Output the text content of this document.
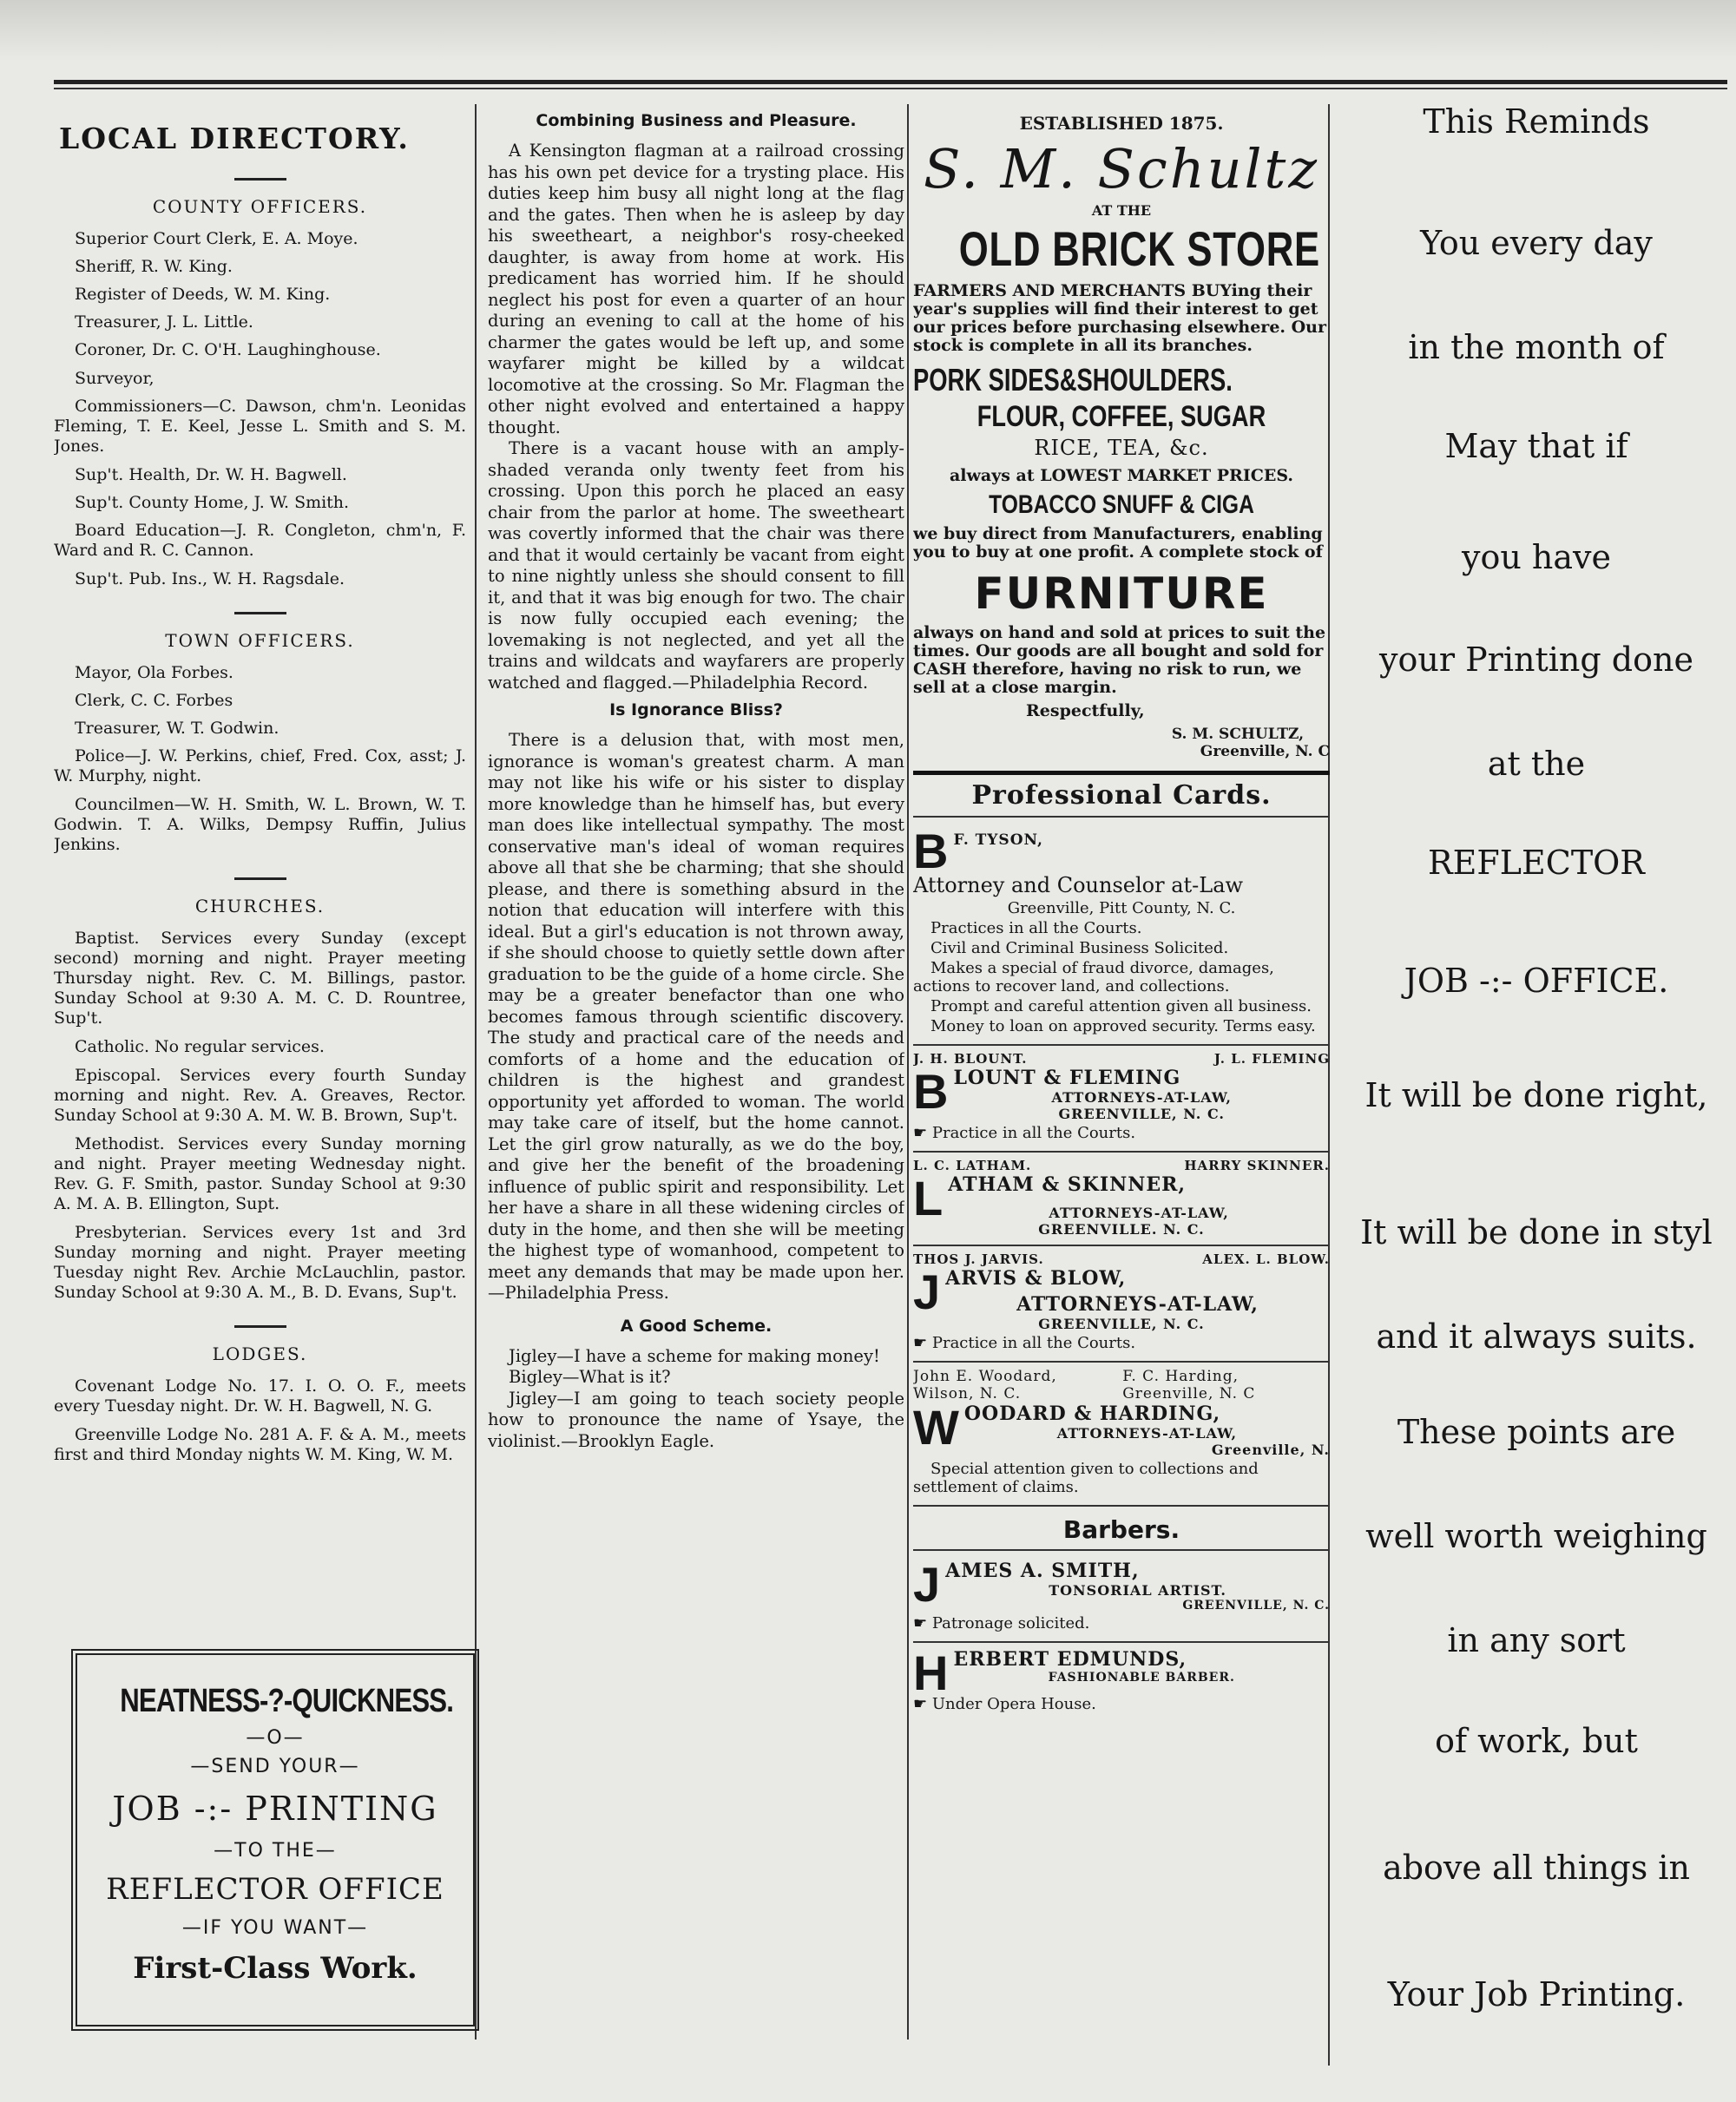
LOCAL DIRECTORY.
COUNTY OFFICERS.
Superior Court Clerk, E. A. Moye.
Sheriff, R. W. King.
Register of Deeds, W. M. King.
Treasurer, J. L. Little.
Coroner, Dr. C. O'H. Laughinghouse.
Surveyor,
Commissioners—C. Dawson, chm'n. Leonidas Fleming, T. E. Keel, Jesse L. Smith and S. M. Jones.
Sup't. Health, Dr. W. H. Bagwell.
Sup't. County Home, J. W. Smith.
Board Education—J. R. Congleton, chm'n, F. Ward and R. C. Cannon.
Sup't. Pub. Ins., W. H. Ragsdale.
TOWN OFFICERS.
Mayor, Ola Forbes.
Clerk, C. C. Forbes
Treasurer, W. T. Godwin.
Police—J. W. Perkins, chief, Fred. Cox, asst; J. W. Murphy, night.
Councilmen—W. H. Smith, W. L. Brown, W. T. Godwin. T. A. Wilks, Dempsy Ruffin, Julius Jenkins.
CHURCHES.
Baptist. Services every Sunday (except second) morning and night. Prayer meeting Thursday night. Rev. C. M. Billings, pastor. Sunday School at 9:30 A. M. C. D. Rountree, Sup't.
Catholic. No regular services.
Episcopal. Services every fourth Sunday morning and night. Rev. A. Greaves, Rector. Sunday School at 9:30 A. M. W. B. Brown, Sup't.
Methodist. Services every Sunday morning and night. Prayer meeting Wednesday night. Rev. G. F. Smith, pastor. Sunday School at 9:30 A. M. A. B. Ellington, Supt.
Presbyterian. Services every 1st and 3rd Sunday morning and night. Prayer meeting Tuesday night Rev. Archie McLauchlin, pastor. Sunday School at 9:30 A. M., B. D. Evans, Sup't.
LODGES.
Covenant Lodge No. 17. I. O. O. F., meets every Tuesday night. Dr. W. H. Bagwell, N. G.
Greenville Lodge No. 281 A. F. & A. M., meets first and third Monday nights W. M. King, W. M.
NEATNESS-?-QUICKNESS.
—O—
—SEND YOUR—
JOB -:- PRINTING
—TO THE—
REFLECTOR OFFICE
—IF YOU WANT—
First-Class Work.
Combining Business and Pleasure.

A Kensington flagman at a railroad crossing has his own pet device for a trysting place. His duties keep him busy all night long at the flag and the gates. Then when he is asleep by day his sweetheart, a neighbor's rosy-cheeked daughter, is away from home at work. His predicament has worried him. If he should neglect his post for even a quarter of an hour during an evening to call at the home of his charmer the gates would be left up, and some wayfarer might be killed by a wildcat locomotive at the crossing. So Mr. Flagman the other night evolved and entertained a happy thought.

There is a vacant house with an amply-shaded veranda only twenty feet from his crossing. Upon this porch he placed an easy chair from the parlor at home. The sweetheart was covertly informed that the chair was there and that it would certainly be vacant from eight to nine nightly unless she should consent to fill it, and that it was big enough for two. The chair is now fully occupied each evening; the lovemaking is not neglected, and yet all the trains and wildcats and wayfarers are properly watched and flagged.—Philadelphia Record.

Is Ignorance Bliss?

There is a delusion that, with most men, ignorance is woman's greatest charm. A man may not like his wife or his sister to display more knowledge than he himself has, but every man does like intellectual sympathy. The most conservative man's ideal of woman requires above all that she be charming; that she should please, and there is something absurd in the notion that education will interfere with this ideal. But a girl's education is not thrown away, if she should choose to quietly settle down after graduation to be the guide of a home circle. She may be a greater benefactor than one who becomes famous through scientific discovery. The study and practical care of the needs and comforts of a home and the education of children is the highest and grandest opportunity yet afforded to woman. The world may take care of itself, but the home cannot. Let the girl grow naturally, as we do the boy, and give her the benefit of the broadening influence of public spirit and responsibility. Let her have a share in all these widening circles of duty in the home, and then she will be meeting the highest type of womanhood, competent to meet any demands that may be made upon her.—Philadelphia Press.

A Good Scheme.

Jigley—I have a scheme for making money!

Bigley—What is it?

Jigley—I am going to teach society people how to pronounce the name of Ysaye, the violinist.—Brooklyn Eagle.

ESTABLISHED 1875.
S. M. Schultz
AT THE
OLD BRICK STORE
FARMERS AND MERCHANTS BUYing their year's supplies will find their interest to get our prices before purchasing elsewhere. Our stock is complete in all its branches.
PORK SIDES&SHOULDERS.
FLOUR, COFFEE, SUGAR
RICE, TEA, &c.
always at LOWEST MARKET PRICES.
TOBACCO SNUFF & CIGA
we buy direct from Manufacturers, enabling you to buy at one profit. A complete stock of
FURNITURE
always on hand and sold at prices to suit the times. Our goods are all bought and sold for CASH therefore, having no risk to run, we sell at a close margin.
Respectfully,
S. M. SCHULTZ,
Greenville, N. C
Professional Cards.
B F. TYSON,
Attorney and Counselor at-Law
Greenville, Pitt County, N. C.
Practices in all the Courts.
Civil and Criminal Business Solicited.
Makes a special of fraud divorce, damages, actions to recover land, and collections.
Prompt and careful attention given all business.
Money to loan on approved security. Terms easy.
J. H. BLOUNT.	J. L. FLEMING
B LOUNT & FLEMING
ATTORNEYS-AT-LAW,
GREENVILLE, N. C.
☛ Practice in all the Courts.
L. C. LATHAM.	HARRY SKINNER.
L ATHAM & SKINNER,
ATTORNEYS-AT-LAW,
GREENVILLE. N. C.
THOS J. JARVIS.	ALEX. L. BLOW.
J ARVIS & BLOW,
ATTORNEYS-AT-LAW,
GREENVILLE, N. C.
☛ Practice in all the Courts.
John E. Woodard, Wilson, N. C.
F. C. Harding, Greenville, N. C
W OODARD & HARDING,
ATTORNEYS-AT-LAW,
Greenville, N.
Special attention given to collections and settlement of claims.
Barbers.
J AMES A. SMITH,
TONSORIAL ARTIST.
GREENVILLE, N. C.
☛ Patronage solicited.
H ERBERT EDMUNDS,
FASHIONABLE BARBER.
☛ Under Opera House.
This Reminds
You every day
in the month of
May that if
you have
your Printing done
at the
REFLECTOR
JOB -:- OFFICE.
It will be done right,
It will be done in styl
and it always suits.
These points are
well worth weighing
in any sort
of work, but
above all things in
Your Job Printing.
